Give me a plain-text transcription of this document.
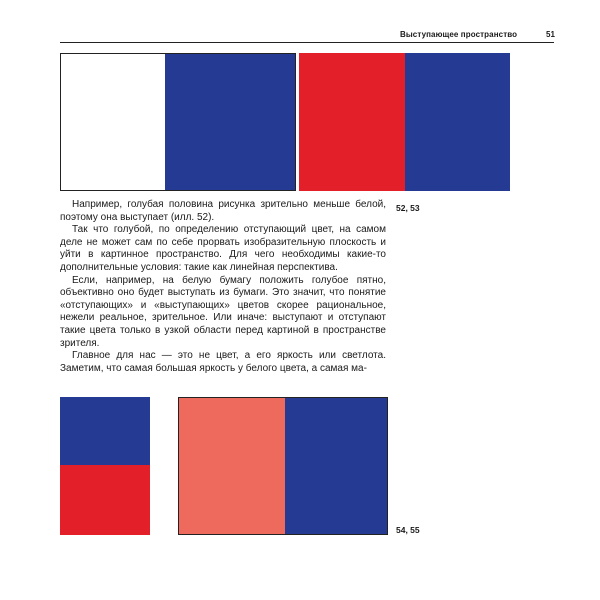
Выступающее пространство	51
52, 53

Например, голубая половина рисунка зрительно меньше белой, поэтому она выступает (илл. 52).

Так что голубой, по определению отступающий цвет, на самом деле не может сам по себе прорвать изобразительную плоскость и уйти в картинное пространство. Для чего необходимы какие-то дополнительные условия: такие как линейная перспектива.

Если, например, на белую бумагу положить голубое пятно, объективно оно будет выступать из бумаги. Это значит, что понятие «отступающих» и «выступающих» цветов скорее рациональное, нежели реальное, зрительное. Или иначе: выступают и отступают такие цвета только в узкой области перед картиной в пространстве зрителя.

Главное для нас — это не цвет, а его яркость или светлота. Заметим, что самая большая яркость у белого цвета, а самая ма-

54, 55
